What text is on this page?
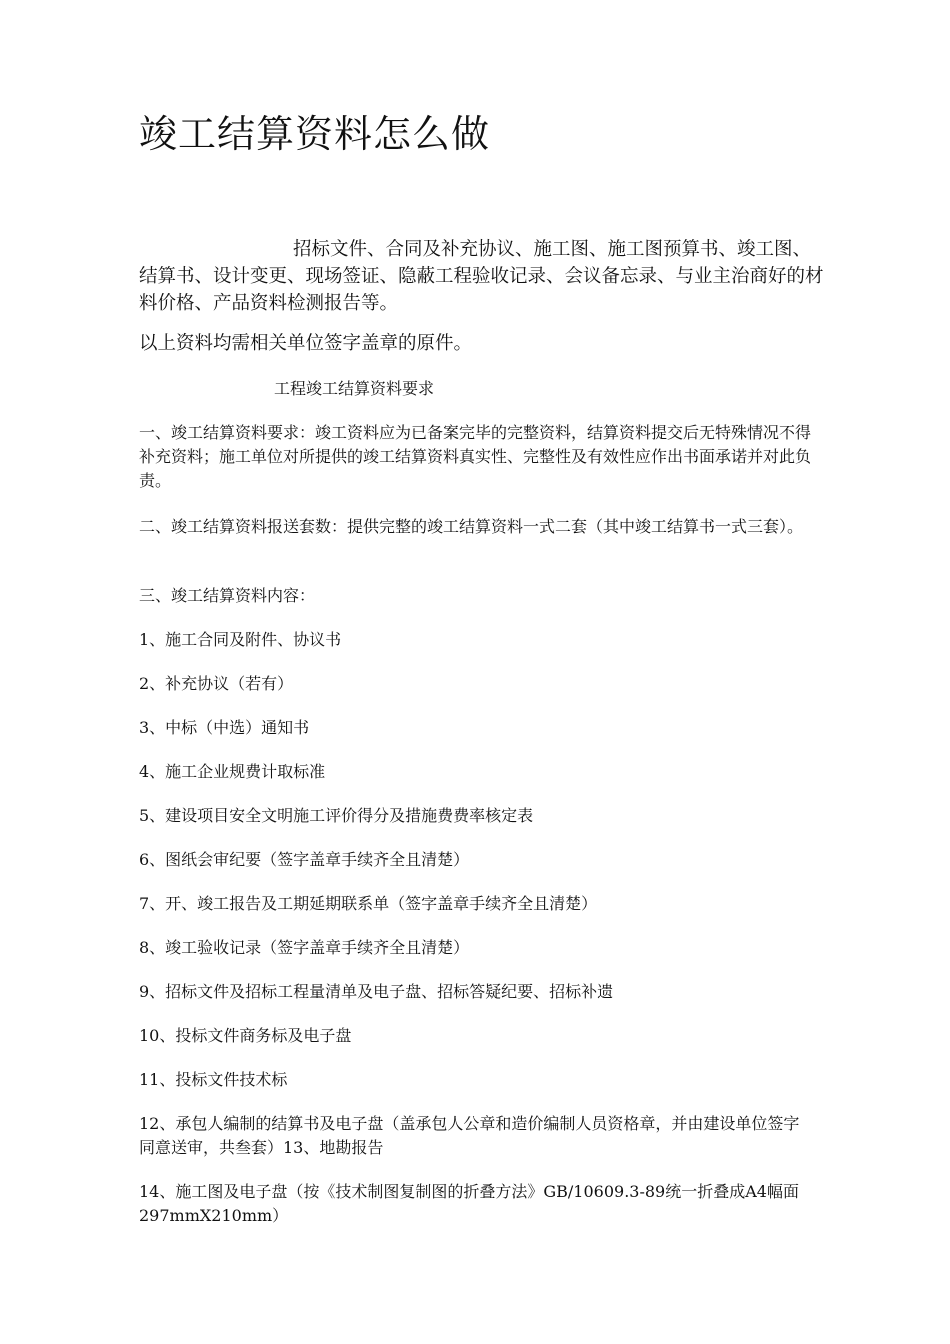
竣工结算资料怎么做

招标文件、合同及补充协议、施工图、施工图预算书、竣工图、结算书、设计变更、现场签证、隐蔽工程验收记录、会议备忘录、与业主治商好的材料价格、产品资料检测报告等。

以上资料均需相关单位签字盖章的原件。

工程竣工结算资料要求

一、竣工结算资料要求：竣工资料应为已备案完毕的完整资料，结算资料提交后无特殊情况不得补充资料；施工单位对所提供的竣工结算资料真实性、完整性及有效性应作出书面承诺并对此负责。

二、竣工结算资料报送套数：提供完整的竣工结算资料一式二套（其中竣工结算书一式三套）。

三、竣工结算资料内容：

1、施工合同及附件、协议书

2、补充协议（若有）

3、中标（中选）通知书

4、施工企业规费计取标准

5、建设项目安全文明施工评价得分及措施费费率核定表

6、图纸会审纪要（签字盖章手续齐全且清楚）

7、开、竣工报告及工期延期联系单（签字盖章手续齐全且清楚）

8、竣工验收记录（签字盖章手续齐全且清楚）

9、招标文件及招标工程量清单及电子盘、招标答疑纪要、招标补遗

10、投标文件商务标及电子盘

11、投标文件技术标

12、承包人编制的结算书及电子盘（盖承包人公章和造价编制人员资格章，并由建设单位签字同意送审，共叁套）13、地勘报告

14、施工图及电子盘（按《技术制图复制图的折叠方法》GB/10609.3-89统一折叠成A4幅面297mmX210mm）
